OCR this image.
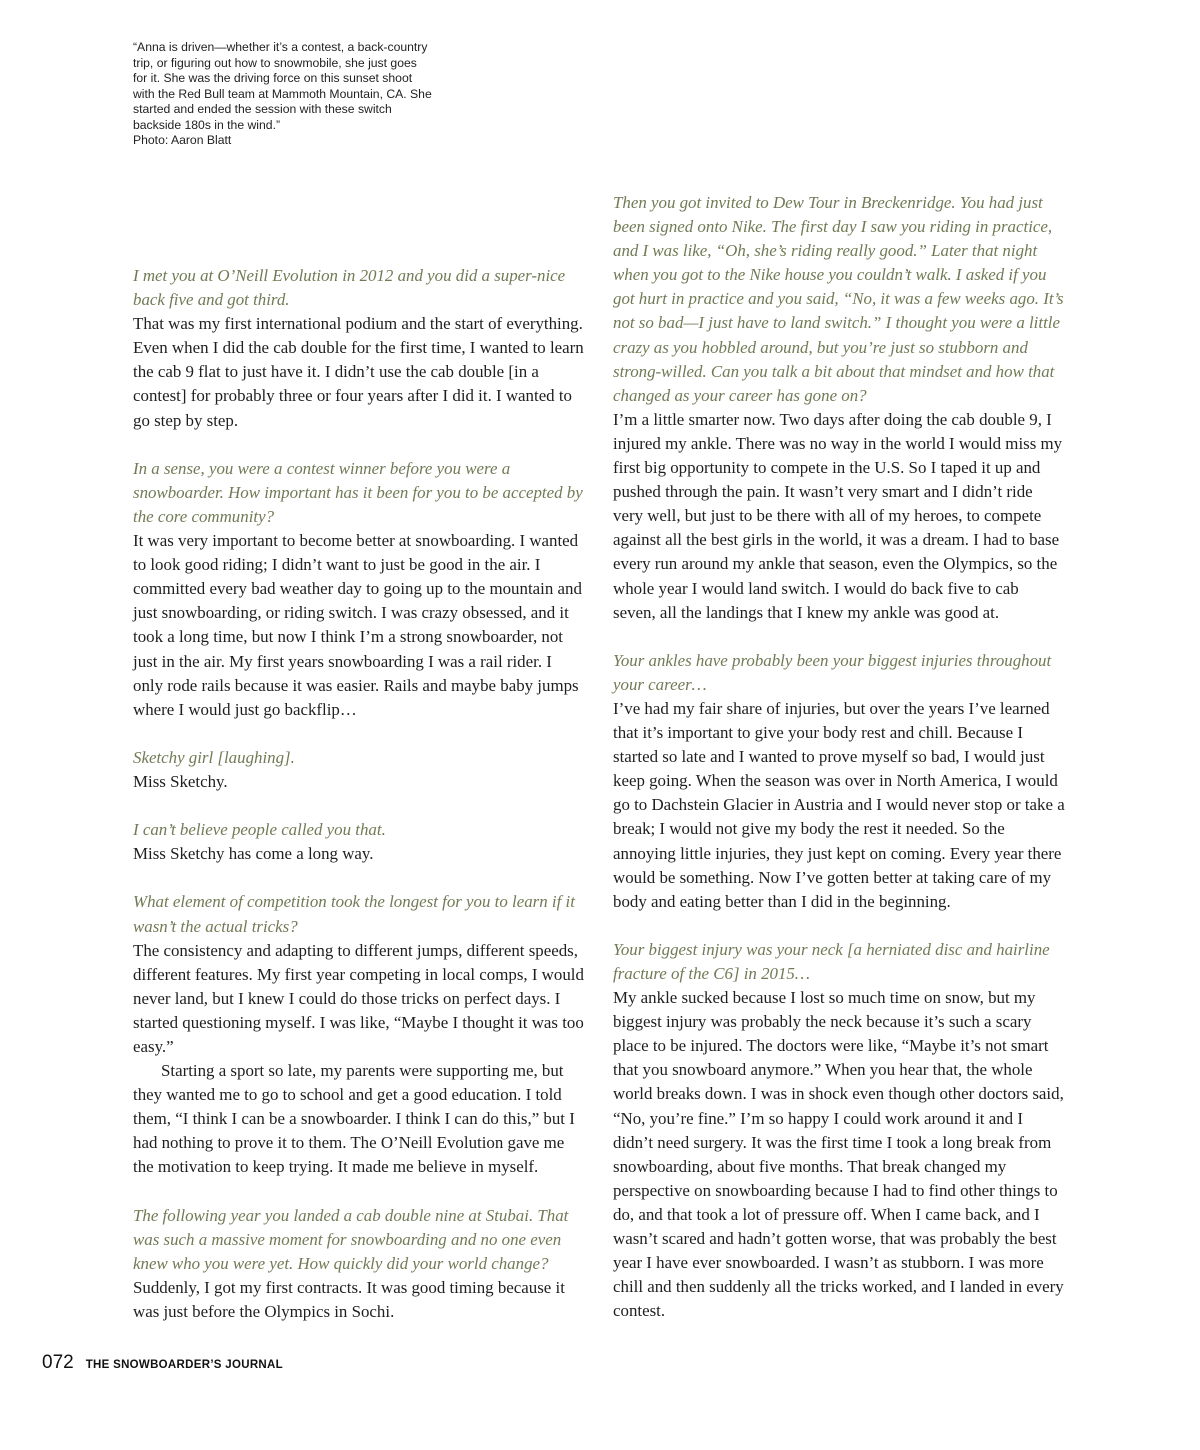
“Anna is driven—whether it’s a contest, a back-country trip, or figuring out how to snowmobile, she just goes for it. She was the driving force on this sunset shoot with the Red Bull team at Mammoth Mountain, CA. She started and ended the session with these switch backside 180s in the wind.”

Photo: Aaron Blatt

I met you at O’Neill Evolution in 2012 and you did a super-nice back five and got third.

That was my first international podium and the start of everything. Even when I did the cab double for the first time, I wanted to learn the cab 9 flat to just have it. I didn’t use the cab double [in a contest] for probably three or four years after I did it. I wanted to go step by step.

In a sense, you were a contest winner before you were a snowboarder. How important has it been for you to be accepted by the core community?

It was very important to become better at snowboarding. I wanted to look good riding; I didn’t want to just be good in the air. I committed every bad weather day to going up to the mountain and just snowboarding, or riding switch. I was crazy obsessed, and it took a long time, but now I think I’m a strong snowboarder, not just in the air. My first years snowboarding I was a rail rider. I only rode rails because it was easier. Rails and maybe baby jumps where I would just go backflip…

Sketchy girl [laughing].

Miss Sketchy.

I can’t believe people called you that.

Miss Sketchy has come a long way.

What element of competition took the longest for you to learn if it wasn’t the actual tricks?

The consistency and adapting to different jumps, different speeds, different features. My first year competing in local comps, I would never land, but I knew I could do those tricks on perfect days. I started questioning myself. I was like, “Maybe I thought it was too easy.”

Starting a sport so late, my parents were supporting me, but they wanted me to go to school and get a good education. I told them, “I think I can be a snowboarder. I think I can do this,” but I had nothing to prove it to them. The O’Neill Evolution gave me the motivation to keep trying. It made me believe in myself.

The following year you landed a cab double nine at Stubai. That was such a massive moment for snowboarding and no one even knew who you were yet. How quickly did your world change?

Suddenly, I got my first contracts. It was good timing because it was just before the Olympics in Sochi.

Then you got invited to Dew Tour in Breckenridge. You had just been signed onto Nike. The first day I saw you riding in practice, and I was like, “Oh, she’s riding really good.” Later that night when you got to the Nike house you couldn’t walk. I asked if you got hurt in practice and you said, “No, it was a few weeks ago. It’s not so bad—I just have to land switch.” I thought you were a little crazy as you hobbled around, but you’re just so stubborn and strong-willed. Can you talk a bit about that mindset and how that changed as your career has gone on?

I’m a little smarter now. Two days after doing the cab double 9, I injured my ankle. There was no way in the world I would miss my first big opportunity to compete in the U.S. So I taped it up and pushed through the pain. It wasn’t very smart and I didn’t ride very well, but just to be there with all of my heroes, to compete against all the best girls in the world, it was a dream. I had to base every run around my ankle that season, even the Olympics, so the whole year I would land switch. I would do back five to cab seven, all the landings that I knew my ankle was good at.

Your ankles have probably been your biggest injuries throughout your career…

I’ve had my fair share of injuries, but over the years I’ve learned that it’s important to give your body rest and chill. Because I started so late and I wanted to prove myself so bad, I would just keep going. When the season was over in North America, I would go to Dachstein Glacier in Austria and I would never stop or take a break; I would not give my body the rest it needed. So the annoying little injuries, they just kept on coming. Every year there would be something. Now I’ve gotten better at taking care of my body and eating better than I did in the beginning.

Your biggest injury was your neck [a herniated disc and hairline fracture of the C6] in 2015…

My ankle sucked because I lost so much time on snow, but my biggest injury was probably the neck because it’s such a scary place to be injured. The doctors were like, “Maybe it’s not smart that you snowboard anymore.” When you hear that, the whole world breaks down. I was in shock even though other doctors said, “No, you’re fine.” I’m so happy I could work around it and I didn’t need surgery. It was the first time I took a long break from snowboarding, about five months. That break changed my perspective on snowboarding because I had to find other things to do, and that took a lot of pressure off. When I came back, and I wasn’t scared and hadn’t gotten worse, that was probably the best year I have ever snowboarded. I wasn’t as stubborn. I was more chill and then suddenly all the tricks worked, and I landed in every contest.

072 THE SNOWBOARDER’S JOURNAL
